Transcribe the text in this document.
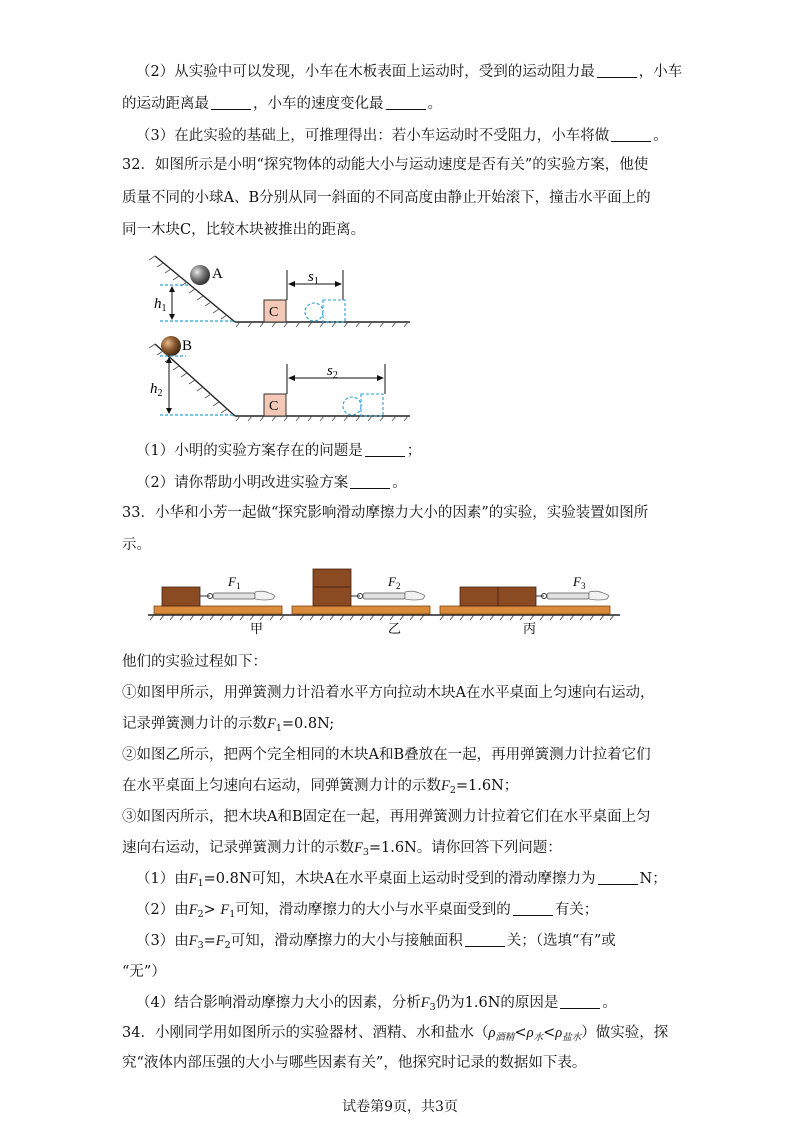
（2）从实验中可以发现，小车在木板表面上运动时，受到的运动阻力最	，小车
的运动距离最	，小车的速度变化最	。
（3）在此实验的基础上，可推理得出：若小车运动时不受阻力，小车将做	。
32．如图所示是小明“探究物体的动能大小与运动速度是否有关”的实验方案，他使
质量不同的小球A、B分别从同一斜面的不同高度由静止开始滚下，撞击水平面上的
同一木块C，比较木块被推出的距离。
A
$h_1$	C
$s_1$
B
$h_2$
C
$s_2$
（1）小明的实验方案存在的问题是	；
（2）请你帮助小明改进实验方案	。
33．小华和小芳一起做“探究影响滑动摩擦力大小的因素”的实验，实验装置如图所
示。
$F_1$
甲
$F_2$
乙
$F_3$
丙
他们的实验过程如下：
①如图甲所示，用弹簧测力计沿着水平方向拉动木块A在水平桌面上匀速向右运动，
记录弹簧测力计的示数$F_1=0.8N$;
②如图乙所示，把两个完全相同的木块A和B叠放在一起，再用弹簧测力计拉着它们
在水平桌面上匀速向右运动，同弹簧测力计的示数$F_2=1.6N$；
③如图丙所示，把木块A和B固定在一起，再用弹簧测力计拉着它们在水平桌面上匀
速向右运动，记录弹簧测力计的示数$F_3=1.6N$。请你回答下列问题：
（1）由$F_1=0.8N$可知，木块A在水平桌面上运动时受到的滑动摩擦力为	N；
（2）由$F_2> F_1$可知，滑动摩擦力的大小与水平桌面受到的	有关；
（3）由$F_3=F_2$可知，滑动摩擦力的大小与接触面积	关；（选填“有”或
“无”）
（4）结合影响滑动摩擦力大小的因素，分析$F_3$仍为1.6N的原因是	。
34．小刚同学用如图所示的实验器材、酒精、水和盐水$(\rho_{酒精}<\rho_水<\rho_{盐水})$做实验，探
究“液体内部压强的大小与哪些因素有关”，他探究时记录的数据如下表。
试卷第9页，共3页
